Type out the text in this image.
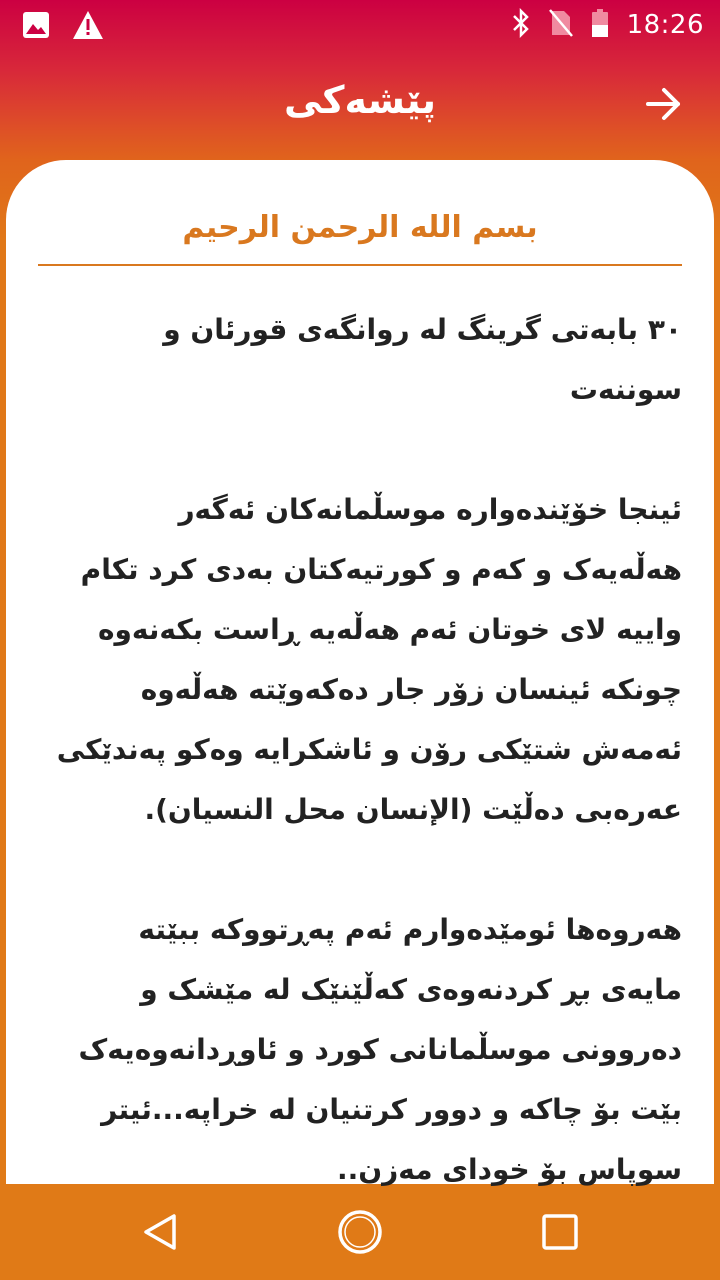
18:26
پێشەکی
بسم الله الرحمن الرحيم

٣٠ بابەتی گرینگ لە روانگەی قورئان و سوننەت

ئینجا خۆێندەوارە موسڵمانەکان ئەگەر هەڵەیەک و کەم و کورتیەکتان بەدی کرد تکام واییە لای خوتان ئەم هەڵەیە ڕاست بکەنەوە چونکە ئینسان زۆر جار دەکەوێتە هەڵەوە ئەمەش شتێکی رۆن و ئاشکرایە وەکو پەندێکی عەرەبی دەڵێت (الإنسان محل النسيان).

هەروەها ئومێدەوارم ئەم پەڕتووکە ببێتە مایەی بڕ کردنەوەی کەڵێنێک لە مێشک و دەروونی موسڵمانانی کورد و ئاوڕدانەوەیەک بێت بۆ چاکە و دوور کرتنیان لە خراپە...ئیتر سوپاس بۆ خودای مەزن..
